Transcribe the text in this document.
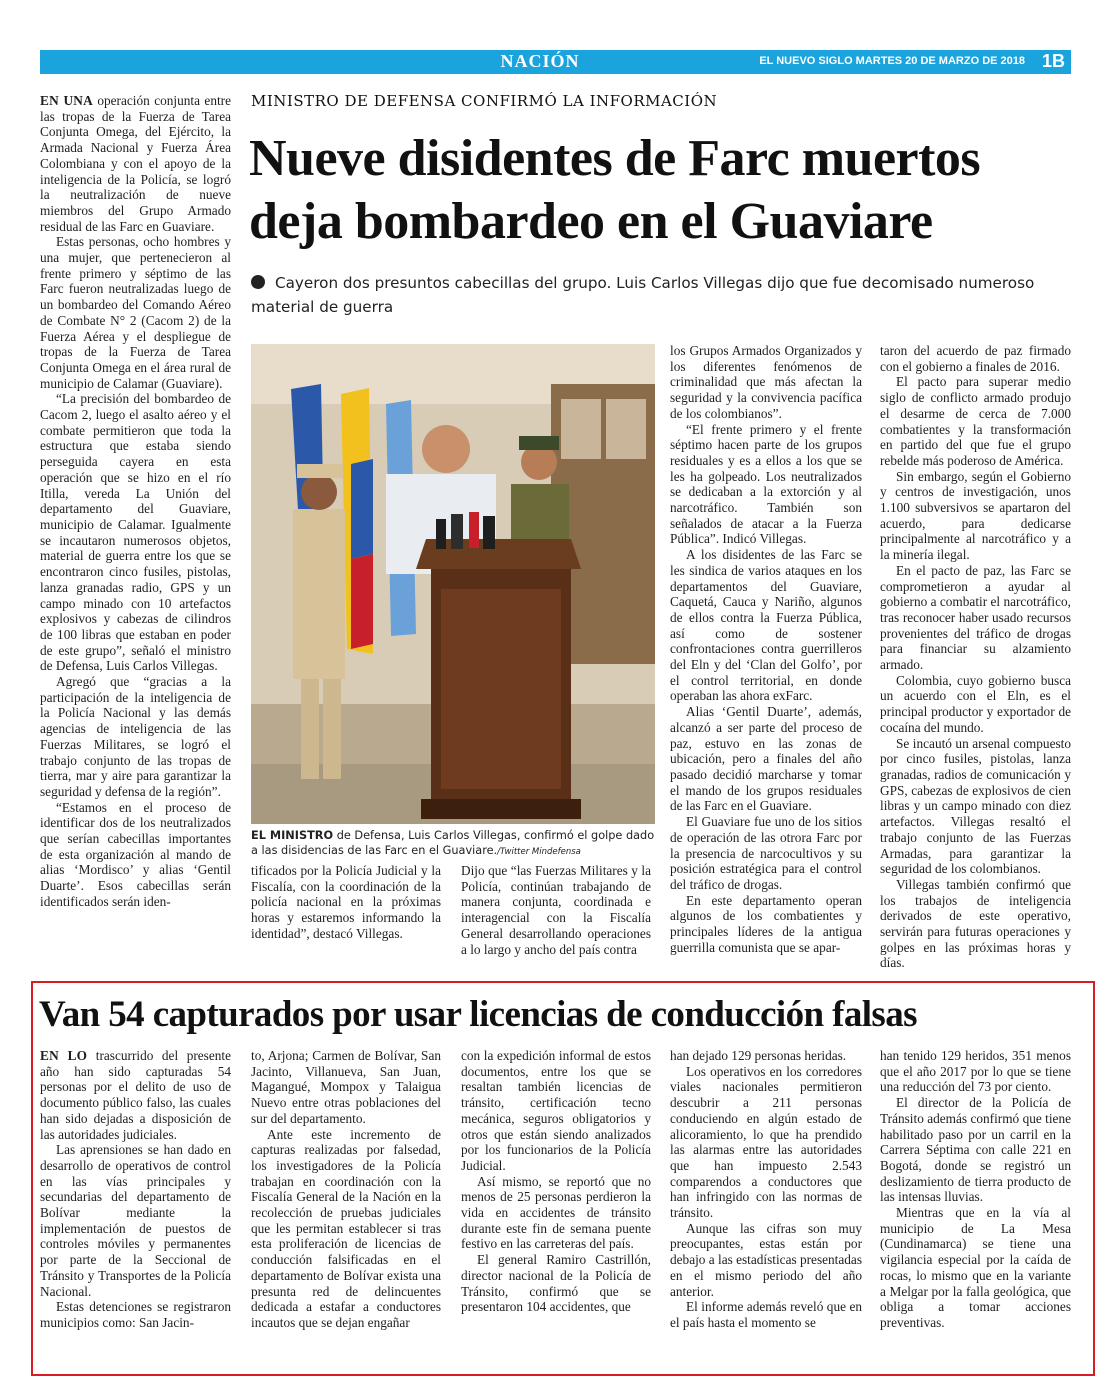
NACIÓN	EL NUEVO SIGLO MARTES 20 DE MARZO DE 2018 1B
MINISTRO DE DEFENSA CONFIRMÓ LA INFORMACIÓN
Nueve disidentes de Farc muertos deja bombardeo en el Guaviare
Cayeron dos presuntos cabecillas del grupo. Luis Carlos Villegas dijo que fue decomisado numeroso material de guerra

EN UNA operación conjunta entre las tropas de la Fuerza de Tarea Conjunta Omega, del Ejército, la Armada Nacional y Fuerza Área Colombiana y con el apoyo de la inteligencia de la Policía, se logró la neutralización de nueve miembros del Grupo Armado residual de las Farc en Guaviare.

Estas personas, ocho hombres y una mujer, que pertenecieron al frente primero y séptimo de las Farc fueron neutralizadas luego de un bombardeo del Comando Aéreo de Combate N° 2 (Cacom 2) de la Fuerza Aérea y el despliegue de tropas de la Fuerza de Tarea Conjunta Omega en el área rural de municipio de Calamar (Guaviare).

“La precisión del bombardeo de Cacom 2, luego el asalto aéreo y el combate permitieron que toda la estructura que estaba siendo perseguida cayera en esta operación que se hizo en el río Itilla, vereda La Unión del departamento del Guaviare, municipio de Calamar. Igualmente se incautaron numerosos objetos, material de guerra entre los que se encontraron cinco fusiles, pistolas, lanza granadas radio, GPS y un campo minado con 10 artefactos explosivos y cabezas de cilindros de 100 libras que estaban en poder de este grupo”, señaló el ministro de Defensa, Luis Carlos Villegas.

Agregó que “gracias a la participación de la inteligencia de la Policía Nacional y las demás agencias de inteligencia de las Fuerzas Militares, se logró el trabajo conjunto de las tropas de tierra, mar y aire para garantizar la seguridad y defensa de la región”.

“Estamos en el proceso de identificar dos de los neutralizados que serían cabecillas importantes de esta organización al mando de alias ‘Mordisco’ y alias ‘Gentil Duarte’. Esos cabecillas serán identificados serán iden-

EL MINISTRO de Defensa, Luis Carlos Villegas, confirmó el golpe dado a las disidencias de las Farc en el Guaviare./Twitter Mindefensa

tificados por la Policía Judicial y la Fiscalía, con la coordinación de la policía nacional en la próximas horas y estaremos informando la identidad”, destacó Villegas.

Dijo que “las Fuerzas Militares y la Policía, continúan trabajando de manera conjunta, coordinada e interagencial con la Fiscalía General desarrollando operaciones a lo largo y ancho del país contra

los Grupos Armados Organizados y los diferentes fenómenos de criminalidad que más afectan la seguridad y la convivencia pacífica de los colombianos”.

“El frente primero y el frente séptimo hacen parte de los grupos residuales y es a ellos a los que se les ha golpeado. Los neutralizados se dedicaban a la extorción y al narcotráfico. También son señalados de atacar a la Fuerza Pública”. Indicó Villegas.

A los disidentes de las Farc se les sindica de varios ataques en los departamentos del Guaviare, Caquetá, Cauca y Nariño, algunos de ellos contra la Fuerza Pública, así como de sostener confrontaciones contra guerrilleros del Eln y del ‘Clan del Golfo’, por el control territorial, en donde operaban las ahora exFarc.

Alias ‘Gentil Duarte’, además, alcanzó a ser parte del proceso de paz, estuvo en las zonas de ubicación, pero a finales del año pasado decidió marcharse y tomar el mando de los grupos residuales de las Farc en el Guaviare.

El Guaviare fue uno de los sitios de operación de las otrora Farc por la presencia de narcocultivos y su posición estratégica para el control del tráfico de drogas.

En este departamento operan algunos de los combatientes y principales líderes de la antigua guerrilla comunista que se apar-

taron del acuerdo de paz firmado con el gobierno a finales de 2016.

El pacto para superar medio siglo de conflicto armado produjo el desarme de cerca de 7.000 combatientes y la transformación en partido del que fue el grupo rebelde más poderoso de América.

Sin embargo, según el Gobierno y centros de investigación, unos 1.100 subversivos se apartaron del acuerdo, para dedicarse principalmente al narcotráfico y a la minería ilegal.

En el pacto de paz, las Farc se comprometieron a ayudar al gobierno a combatir el narcotráfico, tras reconocer haber usado recursos provenientes del tráfico de drogas para financiar su alzamiento armado.

Colombia, cuyo gobierno busca un acuerdo con el Eln, es el principal productor y exportador de cocaína del mundo.

Se incautó un arsenal compuesto por cinco fusiles, pistolas, lanza granadas, radios de comunicación y GPS, cabezas de explosivos de cien libras y un campo minado con diez artefactos. Villegas resaltó el trabajo conjunto de las Fuerzas Armadas, para garantizar la seguridad de los colombianos.

Villegas también confirmó que los trabajos de inteligencia derivados de este operativo, servirán para futuras operaciones y golpes en las próximas horas y días.

Van 54 capturados por usar licencias de conducción falsas

EN LO trascurrido del presente año han sido capturadas 54 personas por el delito de uso de documento público falso, las cuales han sido dejadas a disposición de las autoridades judiciales.

Las aprensiones se han dado en desarrollo de operativos de control en las vías principales y secundarias del departamento de Bolívar mediante la implementación de puestos de controles móviles y permanentes por parte de la Seccional de Tránsito y Transportes de la Policía Nacional.

Estas detenciones se registraron municipios como: San Jacin-

to, Arjona; Carmen de Bolívar, San Jacinto, Villanueva, San Juan, Magangué, Mompox y Talaigua Nuevo entre otras poblaciones del sur del departamento.

Ante este incremento de capturas realizadas por falsedad, los investigadores de la Policía trabajan en coordinación con la Fiscalía General de la Nación en la recolección de pruebas judiciales que les permitan establecer si tras esta proliferación de licencias de conducción falsificadas en el departamento de Bolívar exista una presunta red de delincuentes dedicada a estafar a conductores incautos que se dejan engañar

con la expedición informal de estos documentos, entre los que se resaltan también licencias de tránsito, certificación tecno mecánica, seguros obligatorios y otros que están siendo analizados por los funcionarios de la Policía Judicial.

Así mismo, se reportó que no menos de 25 personas perdieron la vida en accidentes de tránsito durante este fin de semana puente festivo en las carreteras del país.

El general Ramiro Castrillón, director nacional de la Policía de Tránsito, confirmó que se presentaron 104 accidentes, que

han dejado 129 personas heridas.

Los operativos en los corredores viales nacionales permitieron descubrir a 211 personas conduciendo en algún estado de alicoramiento, lo que ha prendido las alarmas entre las autoridades que han impuesto 2.543 comparendos a conductores que han infringido con las normas de tránsito.

Aunque las cifras son muy preocupantes, estas están por debajo a las estadísticas presentadas en el mismo periodo del año anterior.

El informe además reveló que en el país hasta el momento se

han tenido 129 heridos, 351 menos que el año 2017 por lo que se tiene una reducción del 73 por ciento.

El director de la Policía de Tránsito además confirmó que tiene habilitado paso por un carril en la Carrera Séptima con calle 221 en Bogotá, donde se registró un deslizamiento de tierra producto de las intensas lluvias.

Mientras que en la vía al municipio de La Mesa (Cundinamarca) se tiene una vigilancia especial por la caída de rocas, lo mismo que en la variante a Melgar por la falla geológica, que obliga a tomar acciones preventivas.
